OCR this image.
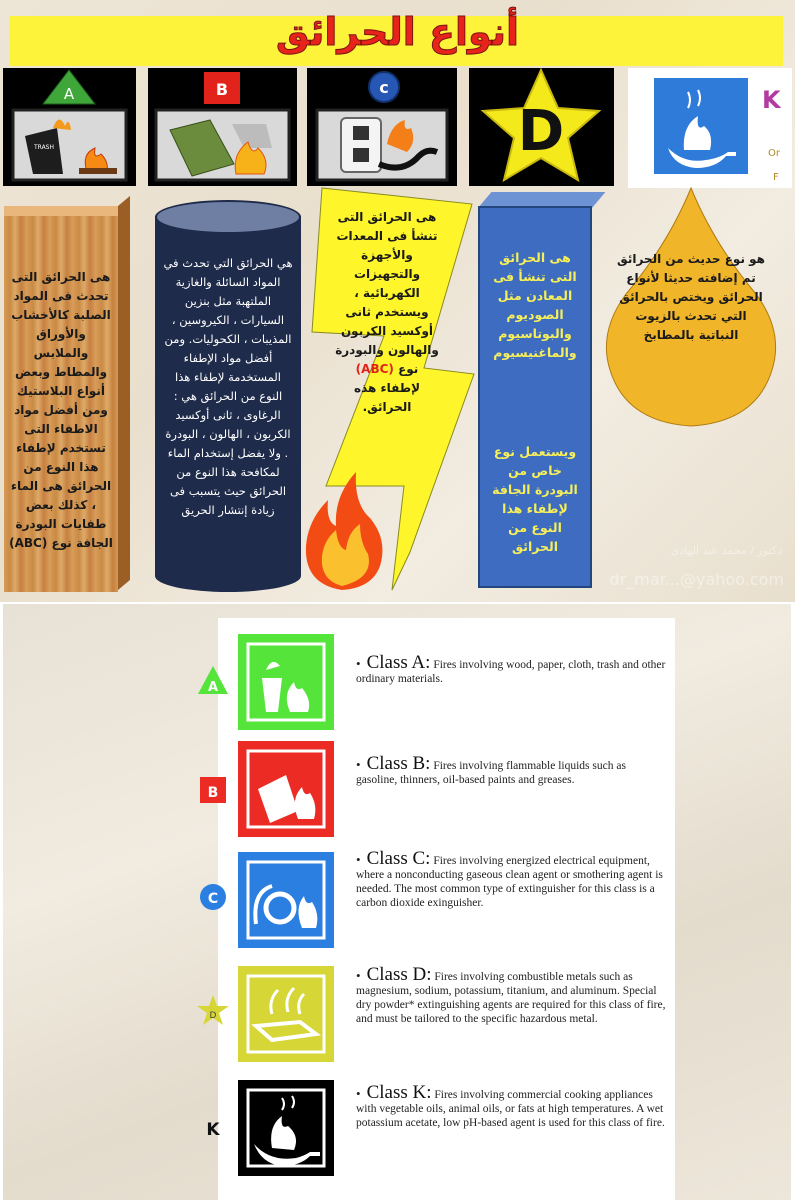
أنواع الحرائق
A
TRASH
B	c
D	K
Or
F
هى الحرائق التى تحدث فى المواد الصلبة كالأخشاب والأوراق والملابس والمطاط وبعض أنواع البلاستيك ومن أفضل مواد الاطفاء التى تستخدم لإطفاء هذا النوع من الحرائق هى الماء ، كذلك بعض طفايات البودرة الجافة نوع (ABC)
هي الحرائق التي تحدث في المواد السائلة والغازية الملتهبة مثل بنزين السيارات ، الكيروسين ، المذيبات ، الكحوليات. ومن أفضل مواد الإطفاء المستخدمة لإطفاء هذا النوع من الحرائق هي : الرغاوى ، ثانى أوكسيد الكربون ، الهالون ، البودرة . ولا يفضل إستخدام الماء لمكافحة هذا النوع من الحرائق حيث يتسبب فى زيادة إنتشار الحريق
هى الحرائق التى تنشأ فى المعدات والأجهزة والتجهيزات الكهربائية ، ويستخدم ثانى أوكسيد الكربون والهالون والبودرة نوع (ABC) لإطفاء هذه الحرائق.
هى الحرائق التى تنشأ فى المعادن مثل الصوديوم والبوتاسيوم والماغنيسيوم
ويستعمل نوع خاص من البودرة الجافة لإطفاء هذا النوع من الحرائق
هو نوع حديث من الحرائق تم إضافته حديثا لأنواع الحرائق ويختص بالحرائق التي تحدث بالزيوت النباتية بالمطابخ
دكتور / محمد عبد الهادي
dr_mar...@yahoo.com
A
• Class A: Fires involving wood, paper, cloth, trash and other ordinary materials.
B
• Class B: Fires involving flammable liquids such as gasoline, thinners, oil-based paints and greases.
C
• Class C: Fires involving energized electrical equipment, where a nonconducting gaseous clean agent or smothering agent is needed. The most common type of extinguisher for this class is a carbon dioxide exinguisher.
D
• Class D: Fires involving combustible metals such as magnesium, sodium, potassium, titanium, and aluminum. Special dry powder* extinguishing agents are required for this class of fire, and must be tailored to the specific hazardous metal.
K
• Class K: Fires involving commercial cooking appliances with vegetable oils, animal oils, or fats at high temperatures. A wet potassium acetate, low pH-based agent is used for this class of fire.
